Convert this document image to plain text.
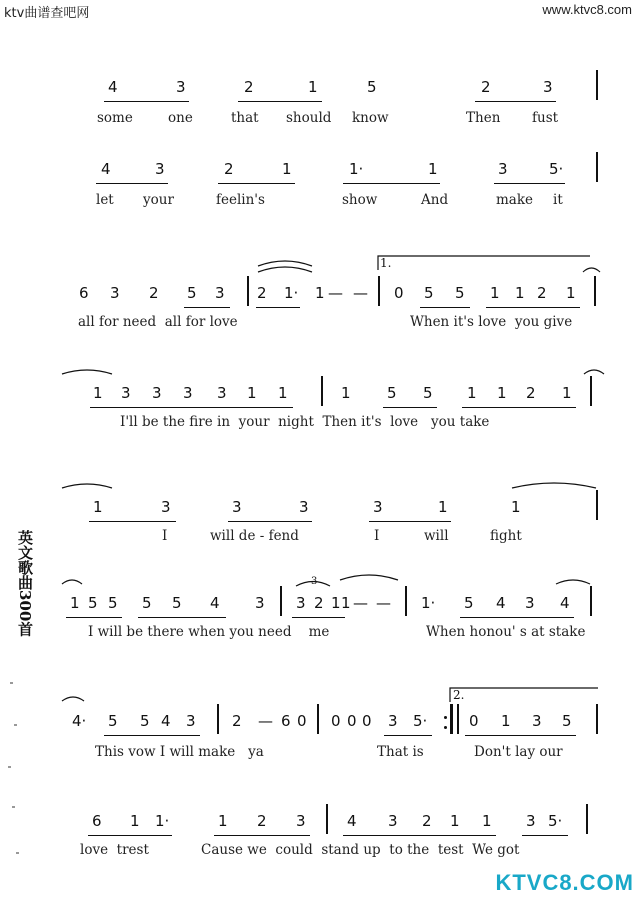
ktv曲谱查吧网	www.ktvc8.com
4	3	2	1	5	2	3
some	one	that should know	Then fust
4	3	2	1	1·	1	3	5·
let your	feelin's	show	And	make it
6 3 2 5 3 2 1· 1 — — 0 5 5 1 1 2 1
all for need  all for love	When it's love  you give
1 3 3 3 3 1 1	1 5 5 1 1 2 1
I'll be the fire in  your  night  Then it's  love   you take
1	3	3	3	3	1	1
I	will de - fend	I	will	fight
1 5 5 5 5 4 3 3 2 1 1 — — 1· 5 4 3 4
I will be there when you need    me	When honou' s at stake
4· 5 5 4 3 2 — 6 0 0 0 0 3 5·	0 1 3 5
This vow I will make   ya	That is	Don't lay our
6 1 1·	1 2 3	4 3 2 1 1 3 5·
love  trest	Cause we  could  stand up  to the  test  We got
1.
2.
3
英文歌曲300首
KTVC8.COM
